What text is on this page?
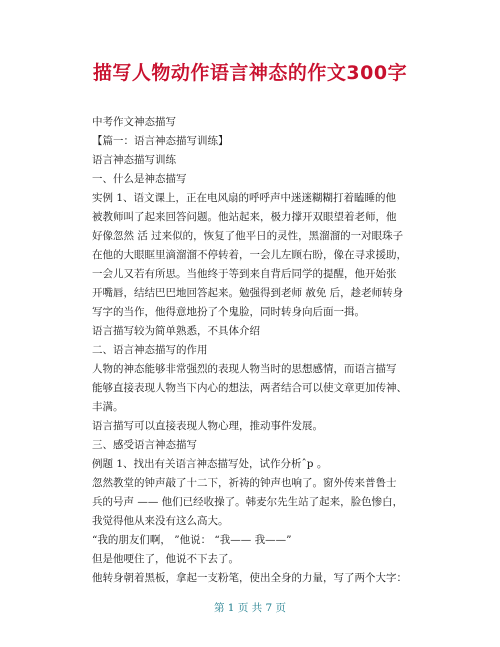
描写人物动作语言神态的作文300字
中考作文神态描写
【篇一：语言神态描写训练】
语言神态描写训练
一、什么是神态描写
实例 1、语文课上，正在电风扇的呼呼声中迷迷糊糊打着瞌睡的他
被教师叫了起来回答问题。他站起来，极力撑开双眼望着老师，他
好像忽然 活 过来似的，恢复了他平日的灵性，黑溜溜的一对眼珠子
在他的大眼眶里滴溜溜不停转着，一会儿左顾右盼，像在寻求援助，
一会儿又若有所思。当他终于等到来自背后同学的提醒，他开始张
开嘴唇，结结巴巴地回答起来。勉强得到老师 赦免 后，趁老师转身
写字的当作，他得意地扮了个鬼脸，同时转身向后面一揖。
语言描写较为简单熟悉，不具体介绍
二、语言神态描写的作用
人物的神态能够非常强烈的表现人物当时的思想感情，而语言描写
能够直接表现人物当下内心的想法，两者结合可以使文章更加传神、
丰满。
语言描写可以直接表现人物心理，推动事件发展。
三、感受语言神态描写
例题 1、找出有关语言神态描写处，试作分析ˆp 。
忽然教堂的钟声敲了十二下，祈祷的钟声也响了。窗外传来普鲁士
兵的号声 —— 他们已经收操了。韩麦尔先生站了起来，脸色惨白，
我觉得他从来没有这么高大。
“我的朋友们啊， ”他说： “我—— 我——”
但是他哽住了，他说不下去了。
他转身朝着黑板，拿起一支粉笔，使出全身的力量，写了两个大字：
第 1 页 共 7 页
